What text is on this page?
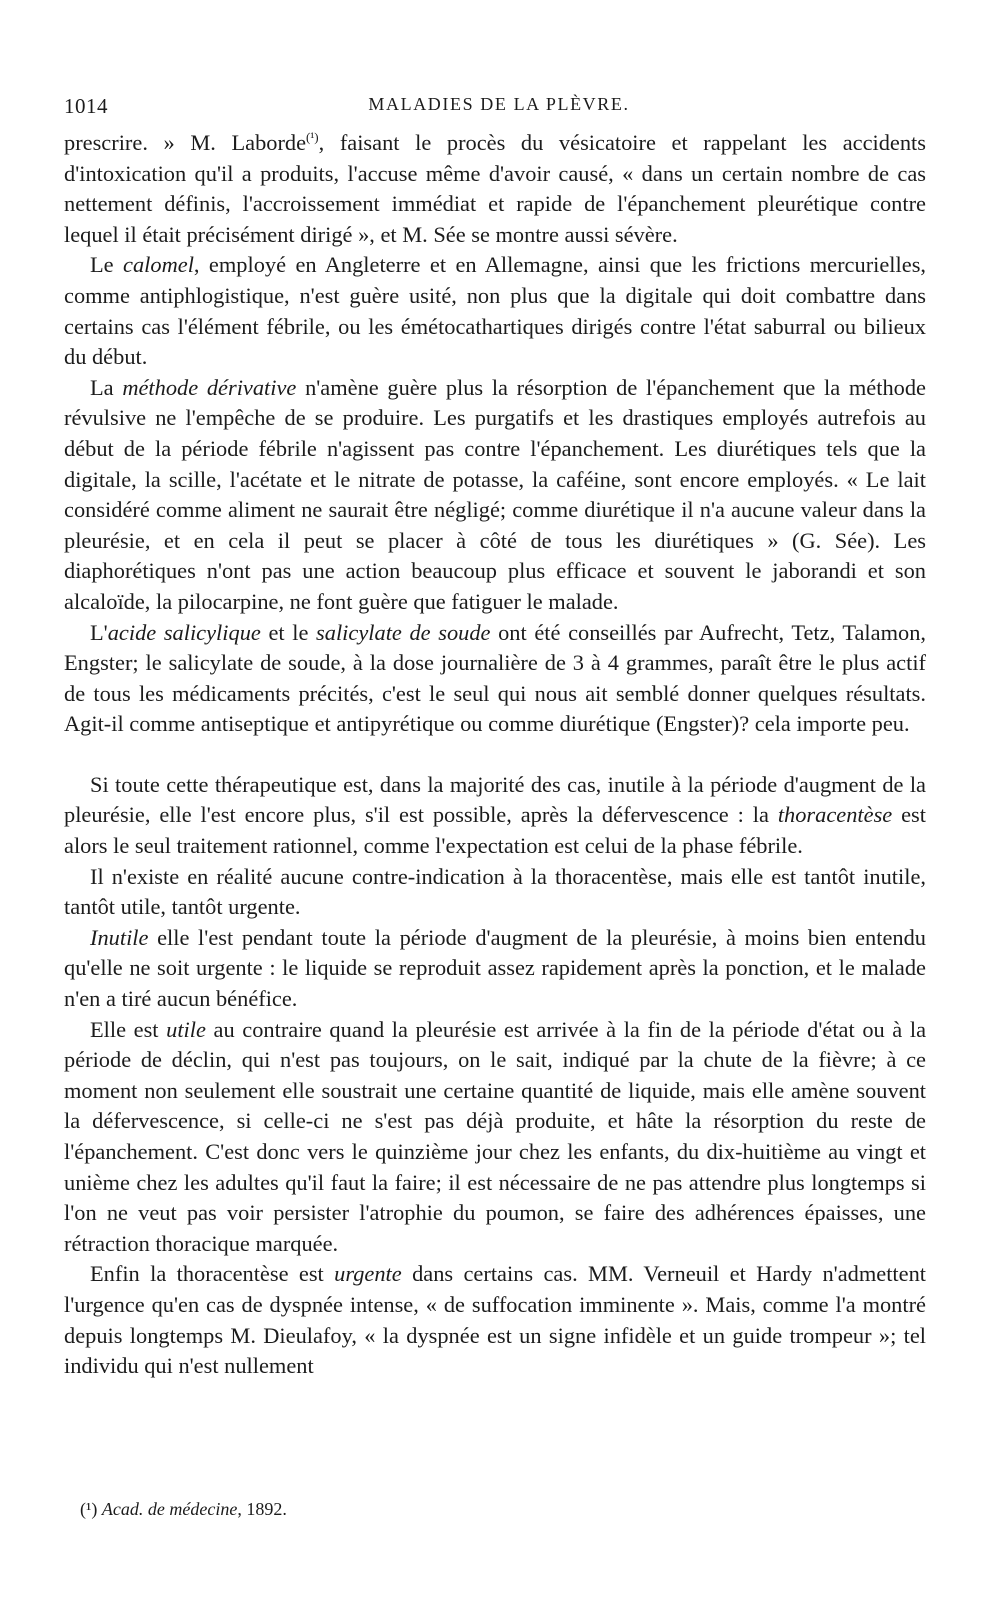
1014	MALADIES DE LA PLÈVRE.

prescrire. » M. Laborde$^{(^1)}$, faisant le procès du vésicatoire et rappelant les accidents d'intoxication qu'il a produits, l'accuse même d'avoir causé, « dans un certain nombre de cas nettement définis, l'accroissement immédiat et rapide de l'épanchement pleurétique contre lequel il était précisément dirigé », et M. Sée se montre aussi sévère.

Le calomel, employé en Angleterre et en Allemagne, ainsi que les frictions mercurielles, comme antiphlogistique, n'est guère usité, non plus que la digitale qui doit combattre dans certains cas l'élément fébrile, ou les émétocathartiques dirigés contre l'état saburral ou bilieux du début.

La méthode dérivative n'amène guère plus la résorption de l'épanchement que la méthode révulsive ne l'empêche de se produire. Les purgatifs et les drastiques employés autrefois au début de la période fébrile n'agissent pas contre l'épanchement. Les diurétiques tels que la digitale, la scille, l'acétate et le nitrate de potasse, la caféine, sont encore employés. « Le lait considéré comme aliment ne saurait être négligé; comme diurétique il n'a aucune valeur dans la pleurésie, et en cela il peut se placer à côté de tous les diurétiques » (G. Sée). Les diaphorétiques n'ont pas une action beaucoup plus efficace et souvent le jaborandi et son alcaloïde, la pilocarpine, ne font guère que fatiguer le malade.

L'acide salicylique et le salicylate de soude ont été conseillés par Aufrecht, Tetz, Talamon, Engster; le salicylate de soude, à la dose journalière de 3 à 4 grammes, paraît être le plus actif de tous les médicaments précités, c'est le seul qui nous ait semblé donner quelques résultats. Agit-il comme antiseptique et antipyrétique ou comme diurétique (Engster)? cela importe peu.

Si toute cette thérapeutique est, dans la majorité des cas, inutile à la période d'augment de la pleurésie, elle l'est encore plus, s'il est possible, après la défervescence : la thoracentèse est alors le seul traitement rationnel, comme l'expectation est celui de la phase fébrile.

Il n'existe en réalité aucune contre-indication à la thoracentèse, mais elle est tantôt inutile, tantôt utile, tantôt urgente.

Inutile elle l'est pendant toute la période d'augment de la pleurésie, à moins bien entendu qu'elle ne soit urgente : le liquide se reproduit assez rapidement après la ponction, et le malade n'en a tiré aucun bénéfice.

Elle est utile au contraire quand la pleurésie est arrivée à la fin de la période d'état ou à la période de déclin, qui n'est pas toujours, on le sait, indiqué par la chute de la fièvre; à ce moment non seulement elle soustrait une certaine quantité de liquide, mais elle amène souvent la défervescence, si celle-ci ne s'est pas déjà produite, et hâte la résorption du reste de l'épanchement. C'est donc vers le quinzième jour chez les enfants, du dix-huitième au vingt et unième chez les adultes qu'il faut la faire; il est nécessaire de ne pas attendre plus longtemps si l'on ne veut pas voir persister l'atrophie du poumon, se faire des adhérences épaisses, une rétraction thoracique marquée.

Enfin la thoracentèse est urgente dans certains cas. MM. Verneuil et Hardy n'admettent l'urgence qu'en cas de dyspnée intense, « de suffocation imminente ». Mais, comme l'a montré depuis longtemps M. Dieulafoy, « la dyspnée est un signe infidèle et un guide trompeur »; tel individu qui n'est nullement

(¹) Acad. de médecine, 1892.
